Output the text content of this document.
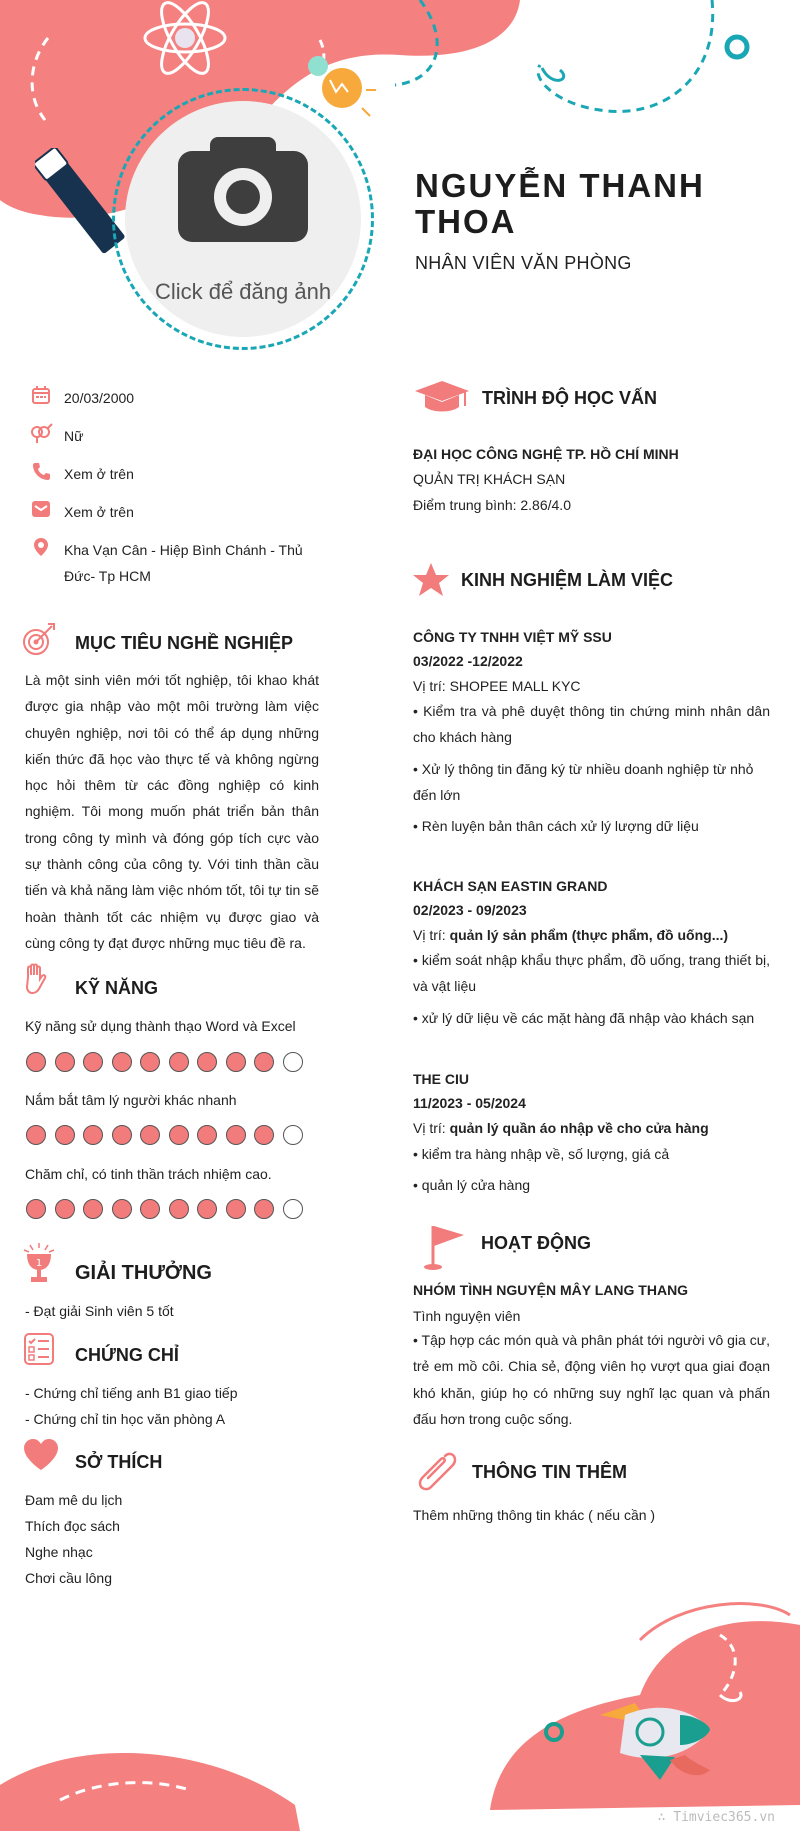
Click để đăng ảnh
NGUYỄN THANH THOA
NHÂN VIÊN VĂN PHÒNG
20/03/2000
Nữ
Xem ở trên
Xem ở trên
Kha Vạn Cân - Hiệp Bình Chánh - Thủ Đức- Tp HCM
MỤC TIÊU NGHỀ NGHIỆP
Là một sinh viên mới tốt nghiệp, tôi khao khát được gia nhập vào một môi trường làm việc chuyên nghiệp, nơi tôi có thể áp dụng những kiến thức đã học vào thực tế và không ngừng học hỏi thêm từ các đồng nghiệp có kinh nghiệm. Tôi mong muốn phát triển bản thân trong công ty mình và đóng góp tích cực vào sự thành công của công ty. Với tinh thần cầu tiến và khả năng làm việc nhóm tốt, tôi tự tin sẽ hoàn thành tốt các nhiệm vụ được giao và cùng công ty đạt được những mục tiêu đề ra.
KỸ NĂNG
Kỹ năng sử dụng thành thạo Word và Excel
Nắm bắt tâm lý người khác nhanh
Chăm chỉ, có tinh thần trách nhiệm cao.
1 GIẢI THƯỞNG
- Đạt giải Sinh viên 5 tốt
CHỨNG CHỈ
- Chứng chỉ tiếng anh B1 giao tiếp
- Chứng chỉ tin học văn phòng A
SỞ THÍCH
Đam mê du lịch
Thích đọc sách
Nghe nhạc
Chơi cầu lông
TRÌNH ĐỘ HỌC VẤN
ĐẠI HỌC CÔNG NGHỆ TP. HỒ CHÍ MINH
QUẢN TRỊ KHÁCH SẠN
Điểm trung bình: 2.86/4.0
KINH NGHIỆM LÀM VIỆC
CÔNG TY TNHH VIỆT MỸ SSU
03/2022 -12/2022
Vị trí: SHOPEE MALL KYC
• Kiểm tra và phê duyệt thông tin chứng minh nhân dân cho khách hàng
• Xử lý thông tin đăng ký từ nhiều doanh nghiệp từ nhỏ đến lớn
• Rèn luyện bản thân cách xử lý lượng dữ liệu
KHÁCH SẠN EASTIN GRAND
02/2023 - 09/2023
Vị trí: quản lý sản phẩm (thực phẩm, đồ uống...)
• kiểm soát nhập khẩu thực phẩm, đồ uống, trang thiết bị, và vật liệu
• xử lý dữ liệu về các mặt hàng đã nhập vào khách sạn
THE CIU
11/2023 - 05/2024
Vị trí: quản lý quần áo nhập về cho cửa hàng
• kiểm tra hàng nhập về, số lượng, giá cả
• quản lý cửa hàng
HOẠT ĐỘNG
NHÓM TÌNH NGUYỆN MÂY LANG THANG
Tình nguyện viên
• Tập hợp các món quà và phân phát tới người vô gia cư, trẻ em mồ côi. Chia sẻ, động viên họ vượt qua giai đoạn khó khăn, giúp họ có những suy nghĩ lạc quan và phấn đấu hơn trong cuộc sống.
THÔNG TIN THÊM
Thêm những thông tin khác ( nếu cần )
∴ Timviec365.vn
